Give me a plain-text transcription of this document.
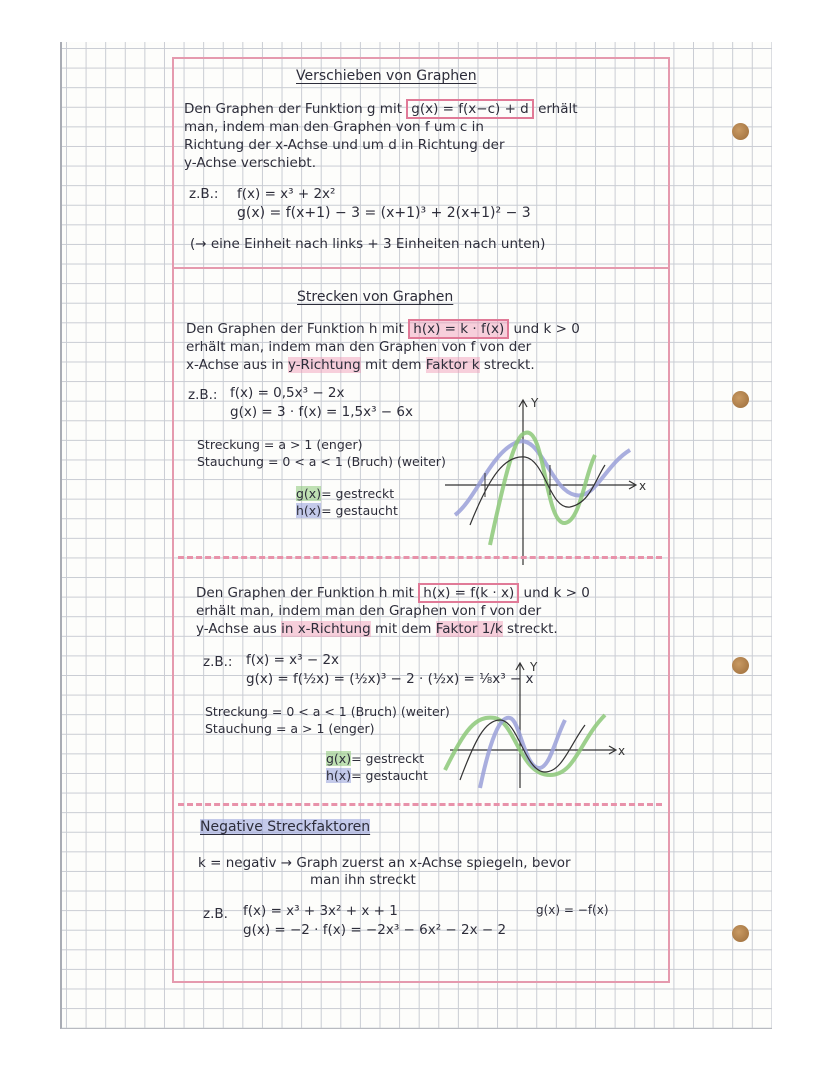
Verschieben von Graphen
Den Graphen der Funktion g mit g(x) = f(x−c) + d erhält
man, indem man den Graphen von f um c in
Richtung der x-Achse und um d in Richtung der
y-Achse verschiebt.
z.B.: f(x) = x³ + 2x²
g(x) = f(x+1) − 3 = (x+1)³ + 2(x+1)² − 3
(→ eine Einheit nach links + 3 Einheiten nach unten)
Strecken von Graphen
Den Graphen der Funktion h mit h(x) = k · f(x) und k > 0
erhält man, indem man den Graphen von f von der
x-Achse aus in y-Richtung mit dem Faktor k streckt.
z.B.: f(x) = 0,5x³ − 2x
g(x) = 3 · f(x) = 1,5x³ − 6x
Streckung = a > 1 (enger)
Stauchung = 0 < a < 1 (Bruch) (weiter)
g(x)= gestreckt
h(x)= gestaucht
Y
x
Den Graphen der Funktion h mit h(x) = f(k · x) und k > 0
erhält man, indem man den Graphen von f von der
y-Achse aus in x-Richtung mit dem Faktor 1/k streckt.
z.B.: f(x) = x³ − 2x
g(x) = f(½x) = (½x)³ − 2 · (½x) = ⅛x³ − x
Streckung = 0 < a < 1 (Bruch) (weiter)
Stauchung = a > 1 (enger)
g(x)= gestreckt
h(x)= gestaucht
Y
x
Negative Streckfaktoren
k = negativ → Graph zuerst an x-Achse spiegeln, bevor
man ihn streckt
z.B. f(x) = x³ + 3x² + x + 1
g(x) = −2 · f(x) = −2x³ − 6x² − 2x − 2
g(x) = −f(x)
